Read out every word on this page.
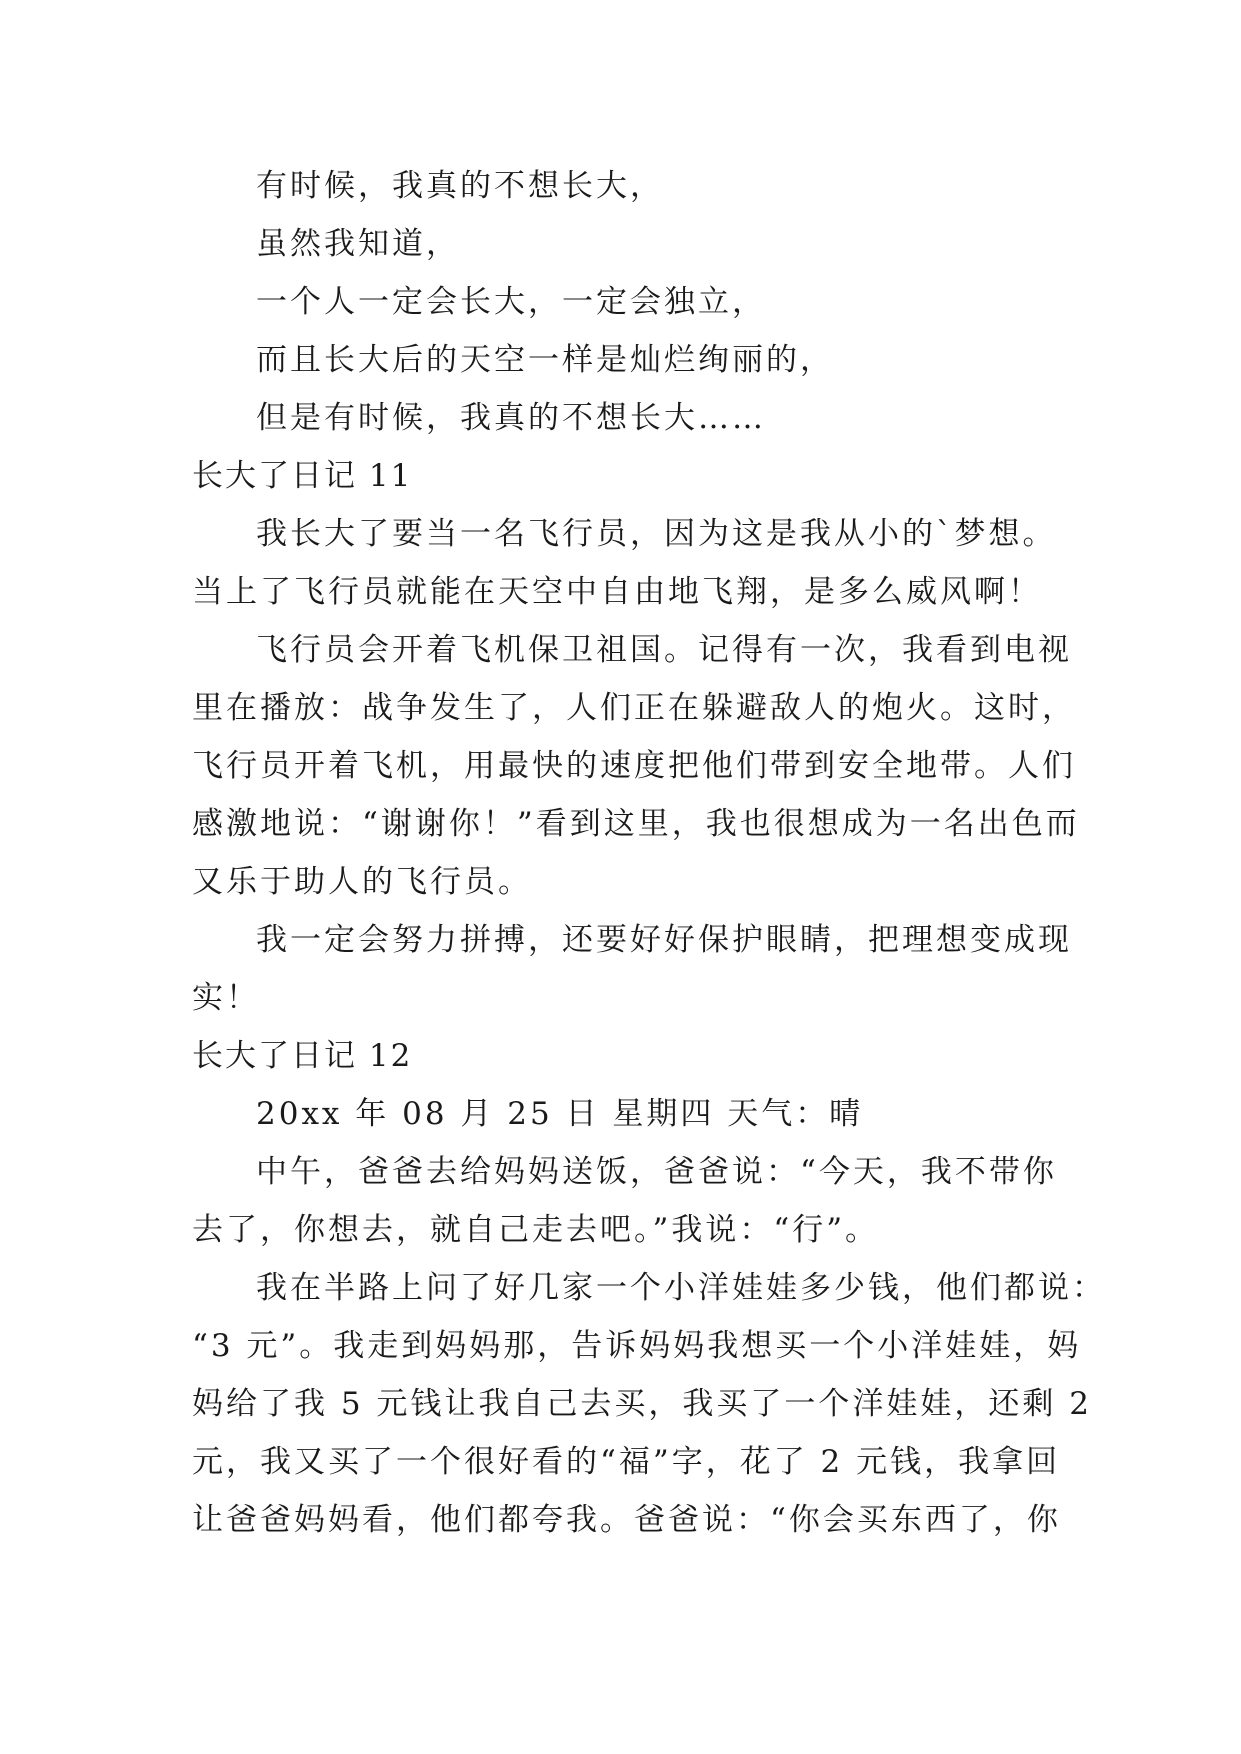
有时候，我真的不想长大，
虽然我知道，
一个人一定会长大，一定会独立，
而且长大后的天空一样是灿烂绚丽的，
但是有时候，我真的不想长大……
长大了日记 11
我长大了要当一名飞行员，因为这是我从小的`梦想。
当上了飞行员就能在天空中自由地飞翔，是多么威风啊！
飞行员会开着飞机保卫祖国。记得有一次，我看到电视
里在播放：战争发生了，人们正在躲避敌人的炮火。这时，
飞行员开着飞机，用最快的速度把他们带到安全地带。人们
感激地说：“谢谢你！”看到这里，我也很想成为一名出色而
又乐于助人的飞行员。
我一定会努力拼搏，还要好好保护眼睛，把理想变成现
实！
长大了日记 12
20xx 年 08 月 25 日 星期四 天气：晴
中午，爸爸去给妈妈送饭，爸爸说：“今天，我不带你
去了，你想去，就自己走去吧。”我说：“行”。
我在半路上问了好几家一个小洋娃娃多少钱，他们都说：
“3 元”。我走到妈妈那，告诉妈妈我想买一个小洋娃娃，妈
妈给了我 5 元钱让我自己去买，我买了一个洋娃娃，还剩 2
元，我又买了一个很好看的“福”字，花了 2 元钱，我拿回
让爸爸妈妈看，他们都夸我。爸爸说：“你会买东西了，你
